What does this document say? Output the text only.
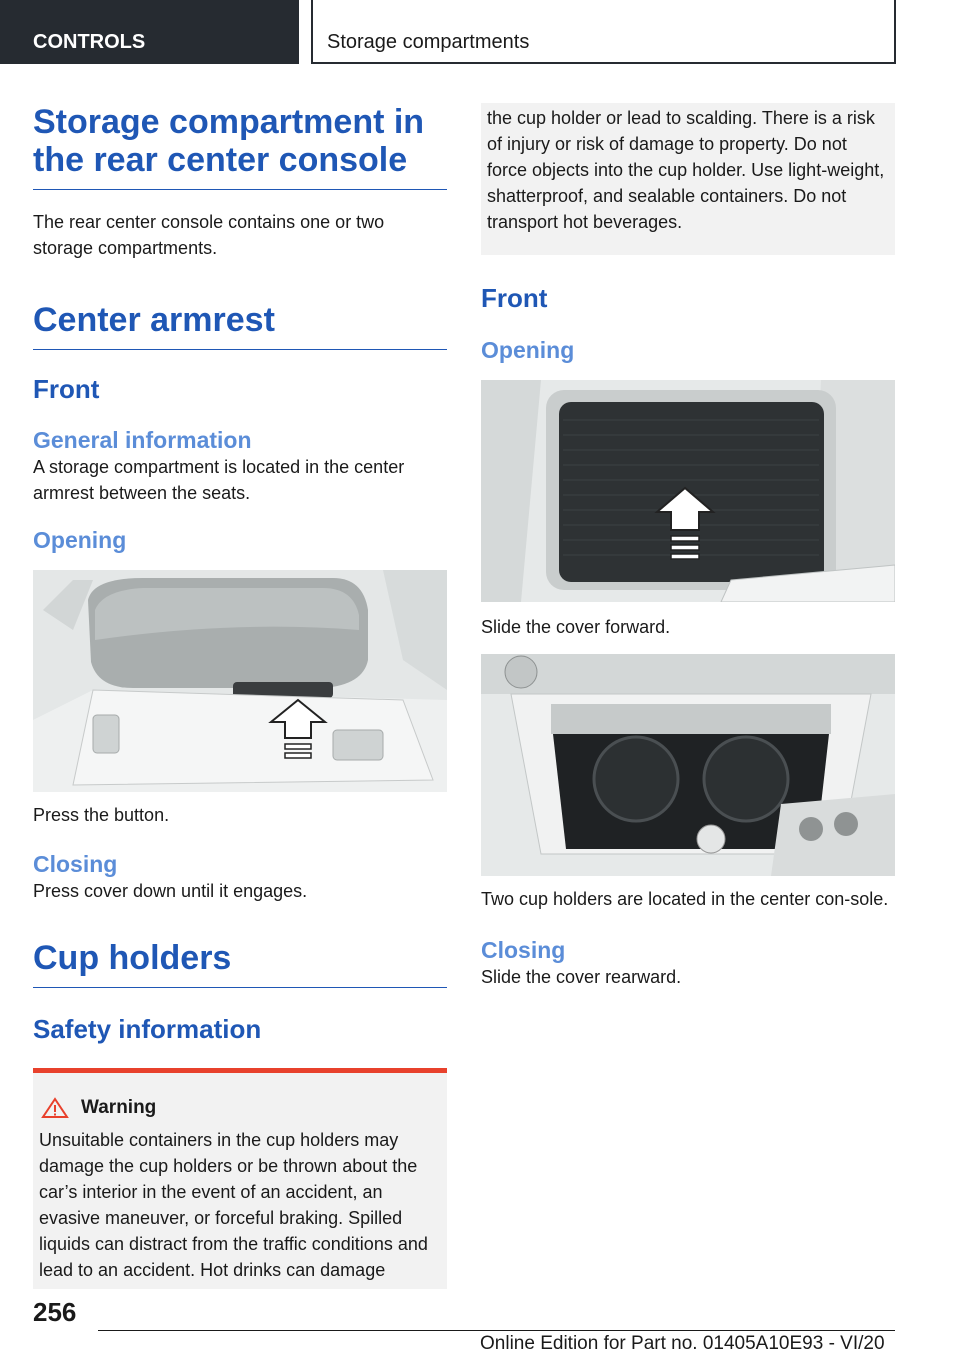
CONTROLS	Storage compartments
Storage compartment in the rear center console

The rear center console contains one or two storage compartments.

Center armrest
Front
General information

A storage compartment is located in the center armrest between the seats.

Opening

Press the button.

Closing

Press cover down until it engages.

Cup holders
Safety information
Warning

Unsuitable containers in the cup holders may damage the cup holders or be thrown about the car’s interior in the event of an accident, an evasive maneuver, or forceful braking. Spilled liquids can distract from the traffic conditions and lead to an accident. Hot drinks can damage

the cup holder or lead to scalding. There is a risk of injury or risk of damage to property. Do not force objects into the cup holder. Use light-weight, shatterproof, and sealable containers. Do not transport hot beverages.

Front
Opening

Slide the cover forward.

Two cup holders are located in the center con-sole.

Closing

Slide the cover rearward.

256
Online Edition for Part no. 01405A10E93 - VI/20
